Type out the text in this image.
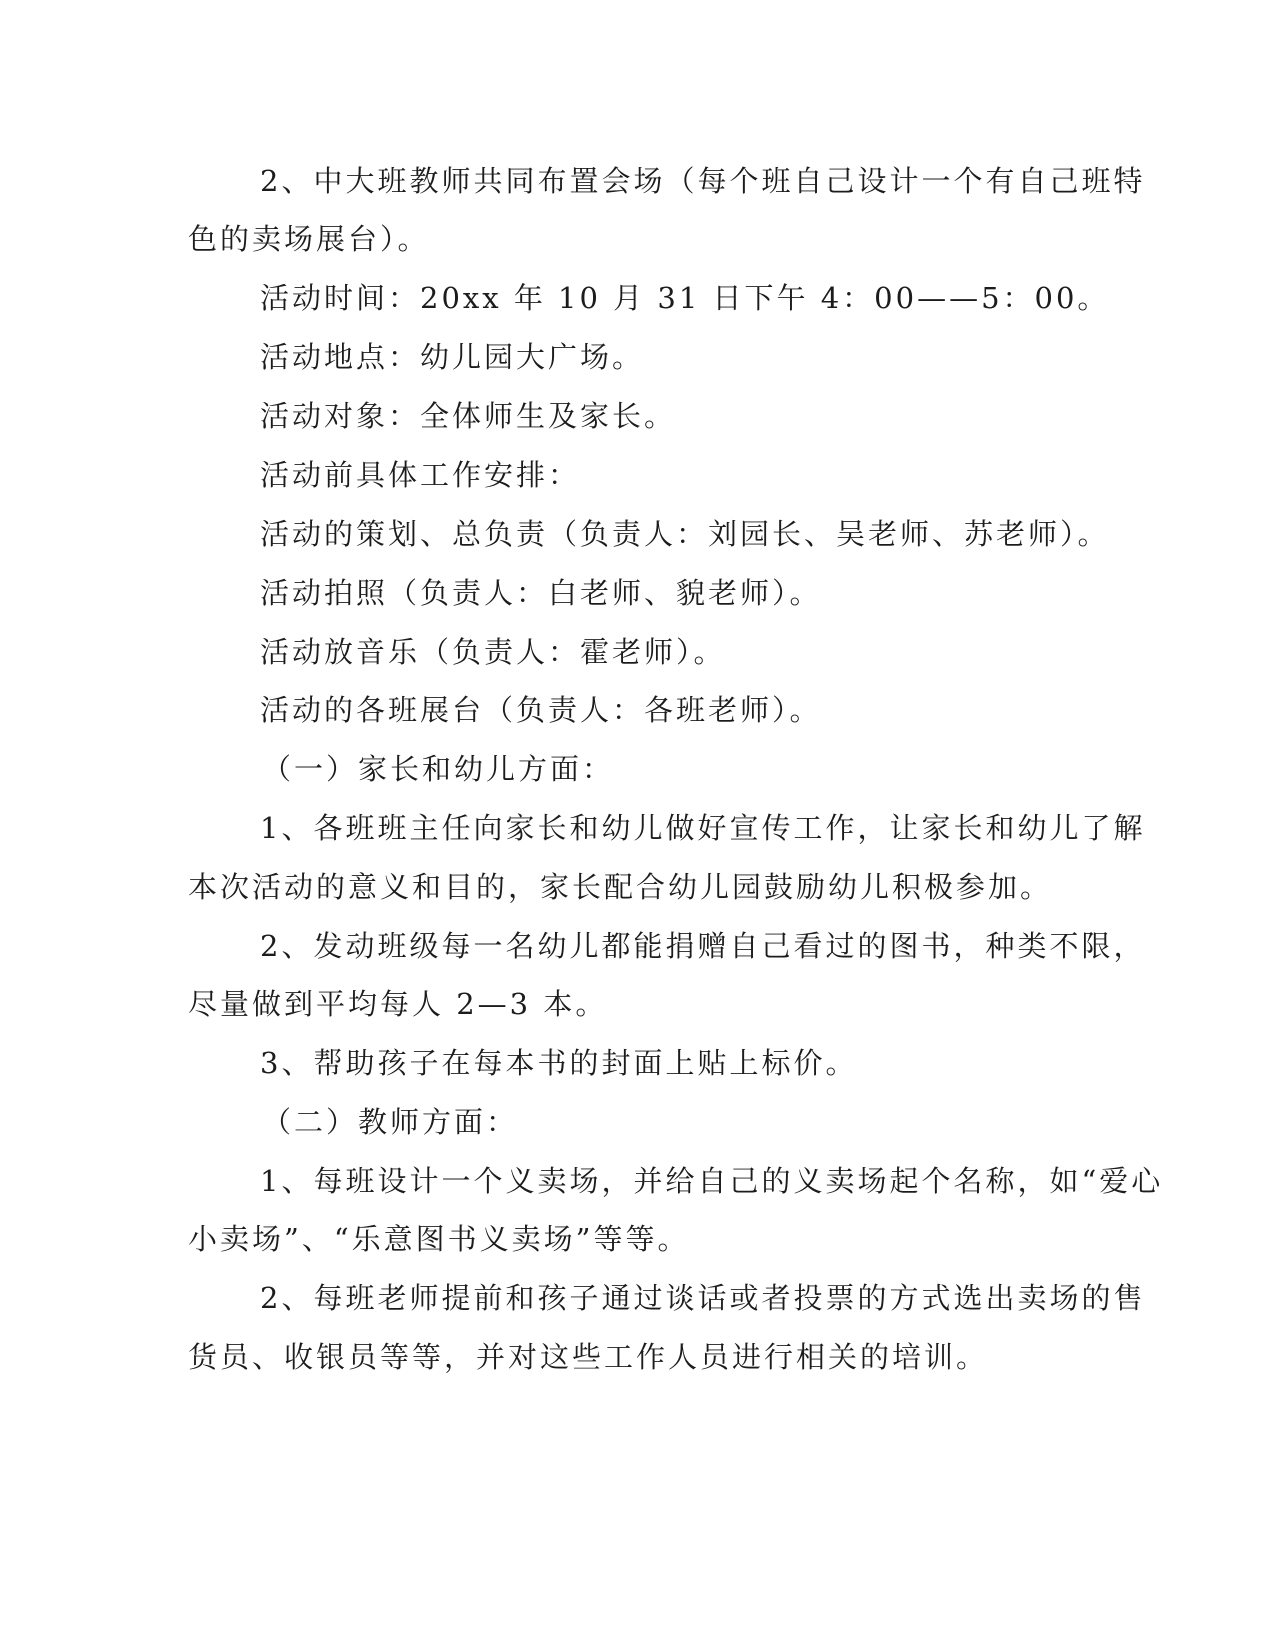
2、中大班教师共同布置会场（每个班自己设计一个有自己班特
色的卖场展台）。
活动时间：20xx 年 10 月 31 日下午 4：00——5：00。
活动地点：幼儿园大广场。
活动对象：全体师生及家长。
活动前具体工作安排：
活动的策划、总负责（负责人：刘园长、吴老师、苏老师）。
活动拍照（负责人：白老师、貌老师）。
活动放音乐（负责人：霍老师）。
活动的各班展台（负责人：各班老师）。
（一）家长和幼儿方面：
1、各班班主任向家长和幼儿做好宣传工作，让家长和幼儿了解
本次活动的意义和目的，家长配合幼儿园鼓励幼儿积极参加。
2、发动班级每一名幼儿都能捐赠自己看过的图书，种类不限，
尽量做到平均每人 2—3 本。
3、帮助孩子在每本书的封面上贴上标价。
（二）教师方面：
1、每班设计一个义卖场，并给自己的义卖场起个名称，如“爱心
小卖场”、“乐意图书义卖场”等等。
2、每班老师提前和孩子通过谈话或者投票的方式选出卖场的售
货员、收银员等等，并对这些工作人员进行相关的培训。
